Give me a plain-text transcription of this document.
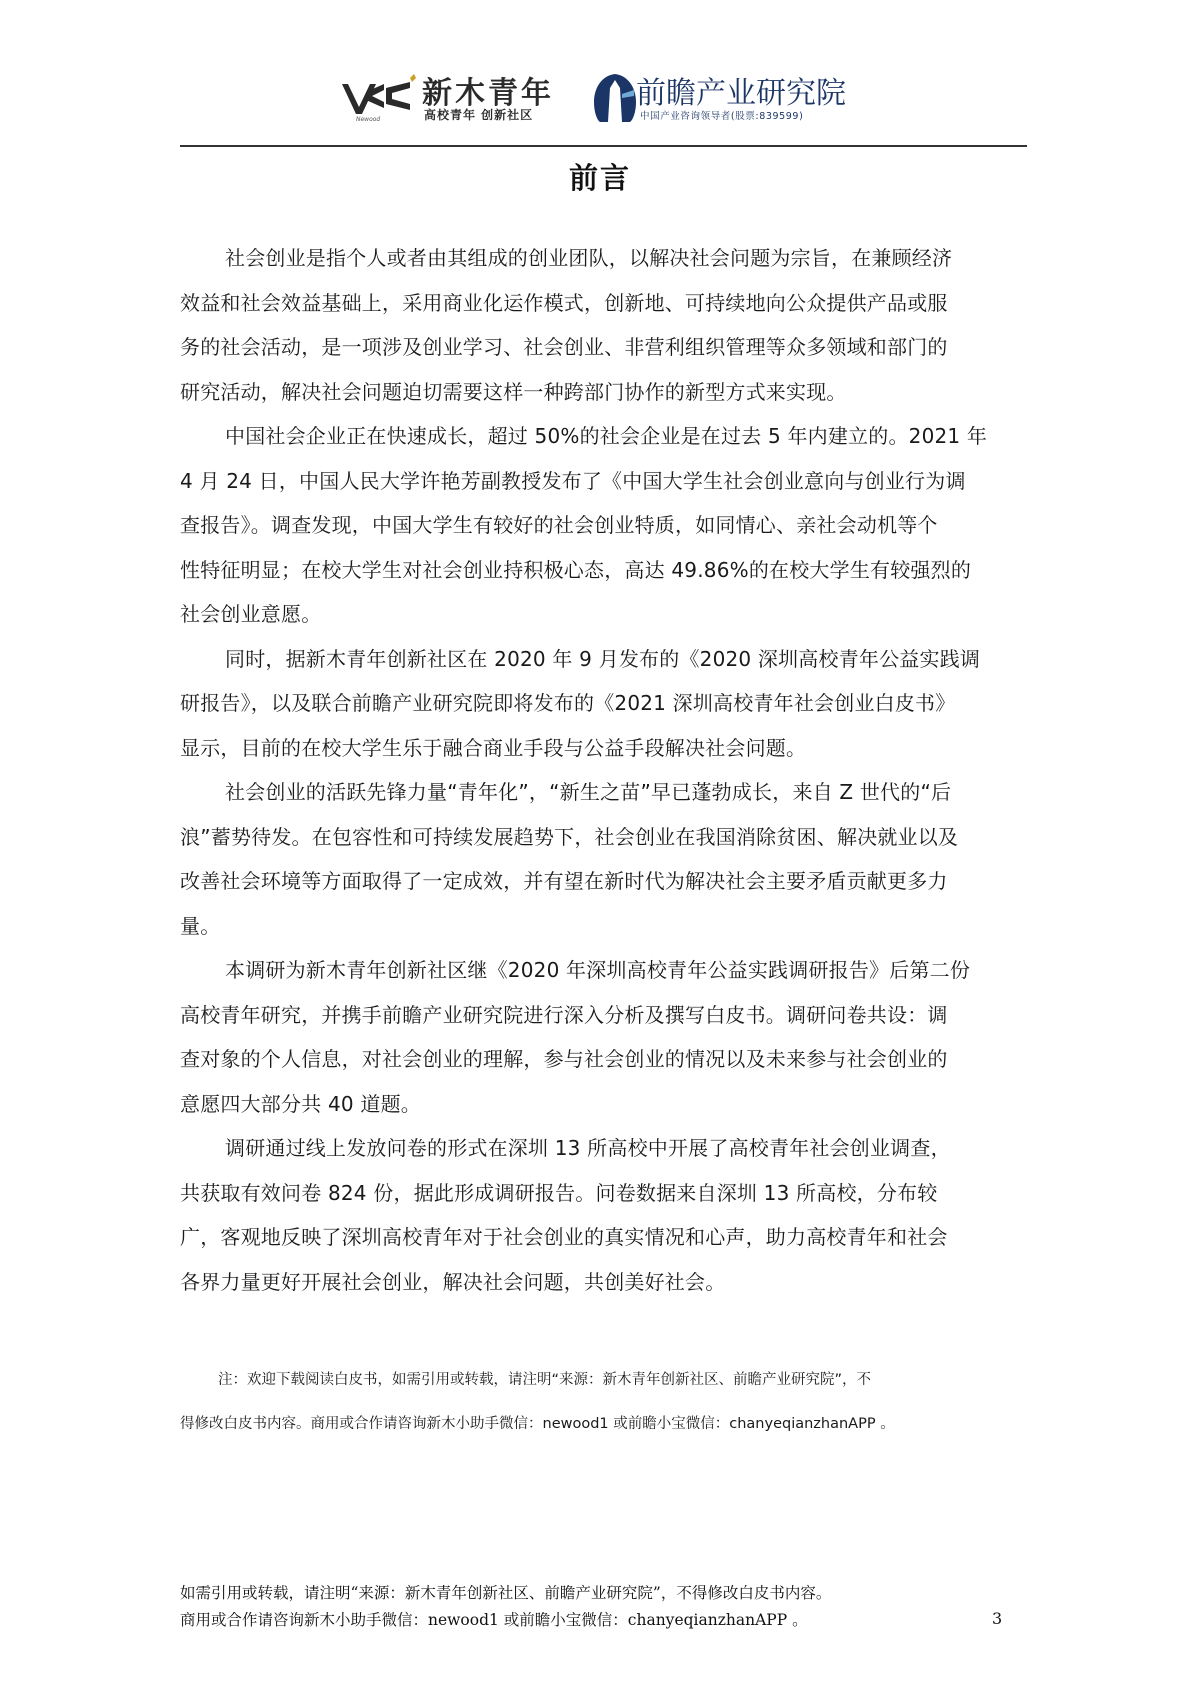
Newood
新木青年
高校青年 创新社区
前瞻产业研究院
中国产业咨询领导者(股票:839599)
前言
社会创业是指个人或者由其组成的创业团队，以解决社会问题为宗旨，在兼顾经济
效益和社会效益基础上，采用商业化运作模式，创新地、可持续地向公众提供产品或服
务的社会活动，是一项涉及创业学习、社会创业、非营利组织管理等众多领域和部门的
研究活动，解决社会问题迫切需要这样一种跨部门协作的新型方式来实现。
中国社会企业正在快速成长，超过 50%的社会企业是在过去 5 年内建立的。2021 年
4 月 24 日，中国人民大学许艳芳副教授发布了《中国大学生社会创业意向与创业行为调
查报告》。调查发现，中国大学生有较好的社会创业特质，如同情心、亲社会动机等个
性特征明显；在校大学生对社会创业持积极心态，高达 49.86%的在校大学生有较强烈的
社会创业意愿。
同时，据新木青年创新社区在 2020 年 9 月发布的《2020 深圳高校青年公益实践调
研报告》，以及联合前瞻产业研究院即将发布的《2021 深圳高校青年社会创业白皮书》
显示，目前的在校大学生乐于融合商业手段与公益手段解决社会问题。
社会创业的活跃先锋力量“青年化”，“新生之苗”早已蓬勃成长，来自 Z 世代的“后
浪”蓄势待发。在包容性和可持续发展趋势下，社会创业在我国消除贫困、解决就业以及
改善社会环境等方面取得了一定成效，并有望在新时代为解决社会主要矛盾贡献更多力
量。
本调研为新木青年创新社区继《2020 年深圳高校青年公益实践调研报告》后第二份
高校青年研究，并携手前瞻产业研究院进行深入分析及撰写白皮书。调研问卷共设：调
查对象的个人信息，对社会创业的理解，参与社会创业的情况以及未来参与社会创业的
意愿四大部分共 40 道题。
调研通过线上发放问卷的形式在深圳 13 所高校中开展了高校青年社会创业调查，
共获取有效问卷 824 份，据此形成调研报告。问卷数据来自深圳 13 所高校，分布较
广，客观地反映了深圳高校青年对于社会创业的真实情况和心声，助力高校青年和社会
各界力量更好开展社会创业，解决社会问题，共创美好社会。
注：欢迎下载阅读白皮书，如需引用或转载，请注明“来源：新木青年创新社区、前瞻产业研究院”，不
得修改白皮书内容。商用或合作请咨询新木小助手微信：newood1 或前瞻小宝微信：chanyeqianzhanAPP 。
如需引用或转载，请注明“来源：新木青年创新社区、前瞻产业研究院”，不得修改白皮书内容。
商用或合作请咨询新木小助手微信：newood1 或前瞻小宝微信：chanyeqianzhanAPP 。	3
